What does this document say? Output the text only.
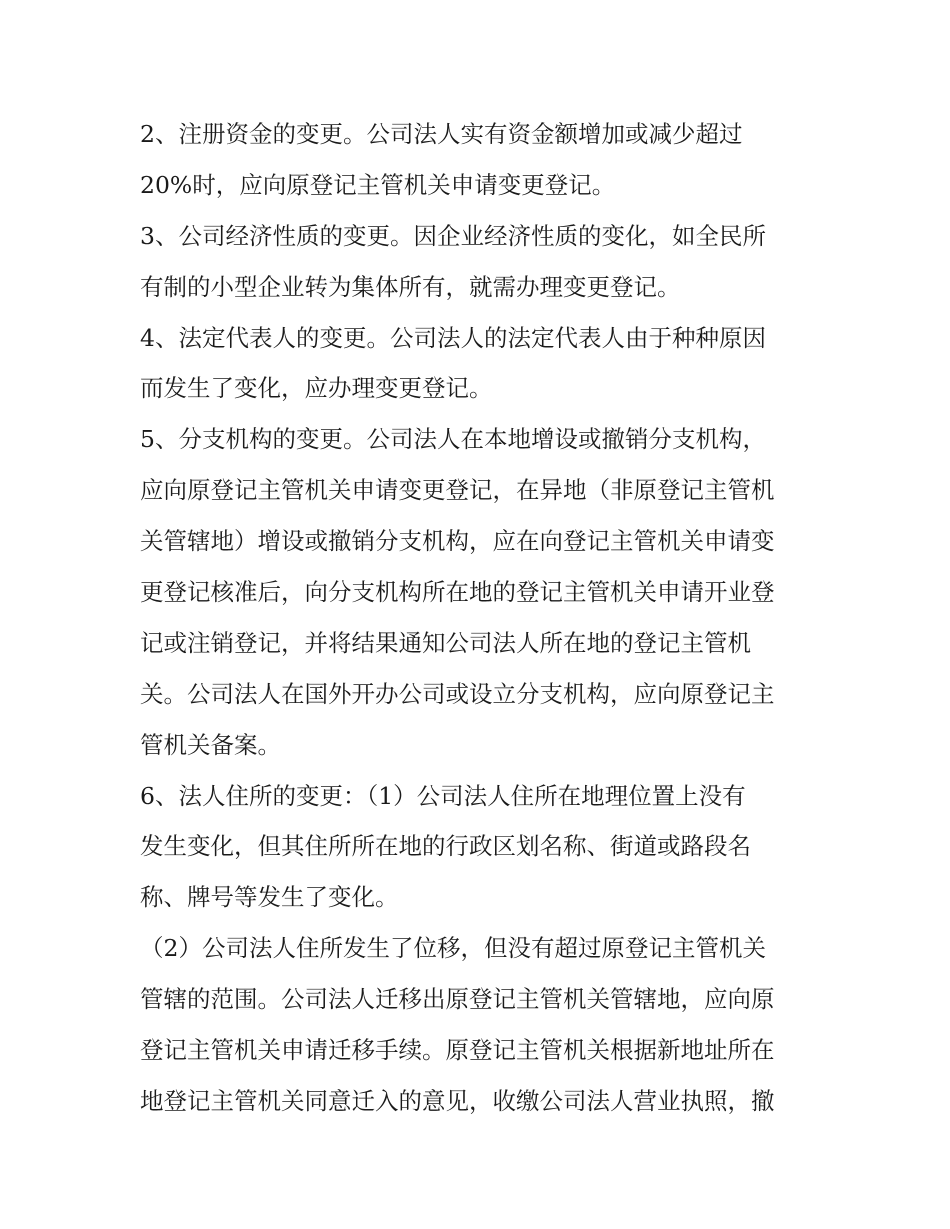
2、注册资金的变更。公司法人实有资金额增加或减少超过
20%时，应向原登记主管机关申请变更登记。
3、公司经济性质的变更。因企业经济性质的变化，如全民所
有制的小型企业转为集体所有，就需办理变更登记。
4、法定代表人的变更。公司法人的法定代表人由于种种原因
而发生了变化，应办理变更登记。
5、分支机构的变更。公司法人在本地增设或撤销分支机构，
应向原登记主管机关申请变更登记，在异地（非原登记主管机
关管辖地）增设或撤销分支机构，应在向登记主管机关申请变
更登记核准后，向分支机构所在地的登记主管机关申请开业登
记或注销登记，并将结果通知公司法人所在地的登记主管机
关。公司法人在国外开办公司或设立分支机构，应向原登记主
管机关备案。
6、法人住所的变更：（1）公司法人住所在地理位置上没有
发生变化，但其住所所在地的行政区划名称、街道或路段名
称、牌号等发生了变化。
（2）公司法人住所发生了位移，但没有超过原登记主管机关
管辖的范围。公司法人迁移出原登记主管机关管辖地，应向原
登记主管机关申请迁移手续。原登记主管机关根据新地址所在
地登记主管机关同意迁入的意见，收缴公司法人营业执照，撤
